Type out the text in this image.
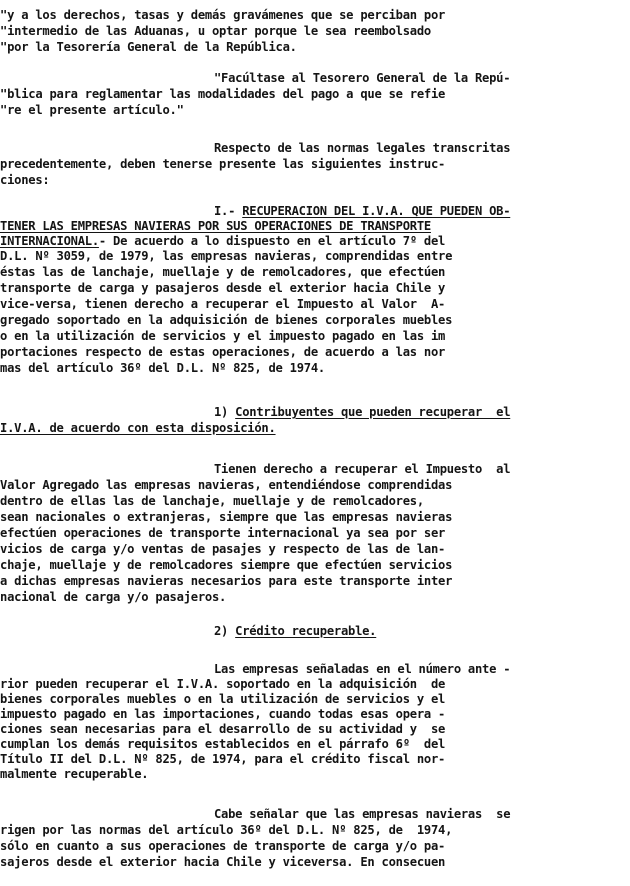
"y a los derechos, tasas y demás gravámenes que se perciban por
"intermedio de las Aduanas, u optar porque le sea reembolsado
"por la Tesorería General de la República.
"Facúltase al Tesorero General de la Repú-
"blica para reglamentar las modalidades del pago a que se refie
"re el presente artículo."
Respecto de las normas legales transcritas
precedentemente, deben tenerse presente las siguientes instruc-
ciones:
I.- RECUPERACION DEL I.V.A. QUE PUEDEN OB-
TENER LAS EMPRESAS NAVIERAS POR SUS OPERACIONES DE TRANSPORTE
INTERNACIONAL.- De acuerdo a lo dispuesto en el artículo 7º del
D.L. Nº 3059, de 1979, las empresas navieras, comprendidas entre
éstas las de lanchaje, muellaje y de remolcadores, que efectúen
transporte de carga y pasajeros desde el exterior hacia Chile y
vice-versa, tienen derecho a recuperar el Impuesto al Valor  A-
gregado soportado en la adquisición de bienes corporales muebles
o en la utilización de servicios y el impuesto pagado en las im
portaciones respecto de estas operaciones, de acuerdo a las nor
mas del artículo 36º del D.L. Nº 825, de 1974.
1) Contribuyentes que pueden recuperar  el
I.V.A. de acuerdo con esta disposición.
Tienen derecho a recuperar el Impuesto  al
Valor Agregado las empresas navieras, entendiéndose comprendidas
dentro de ellas las de lanchaje, muellaje y de remolcadores,
sean nacionales o extranjeras, siempre que las empresas navieras
efectúen operaciones de transporte internacional ya sea por ser
vicios de carga y/o ventas de pasajes y respecto de las de lan-
chaje, muellaje y de remolcadores siempre que efectúen servicios
a dichas empresas navieras necesarios para este transporte inter
nacional de carga y/o pasajeros.
2) Crédito recuperable.
Las empresas señaladas en el número ante -
rior pueden recuperar el I.V.A. soportado en la adquisición  de
bienes corporales muebles o en la utilización de servicios y el
impuesto pagado en las importaciones, cuando todas esas opera -
ciones sean necesarias para el desarrollo de su actividad y  se
cumplan los demás requisitos establecidos en el párrafo 6º  del
Título II del D.L. Nº 825, de 1974, para el crédito fiscal nor-
malmente recuperable.
Cabe señalar que las empresas navieras  se
rigen por las normas del artículo 36º del D.L. Nº 825, de  1974,
sólo en cuanto a sus operaciones de transporte de carga y/o pa-
sajeros desde el exterior hacia Chile y viceversa. En consecuen
